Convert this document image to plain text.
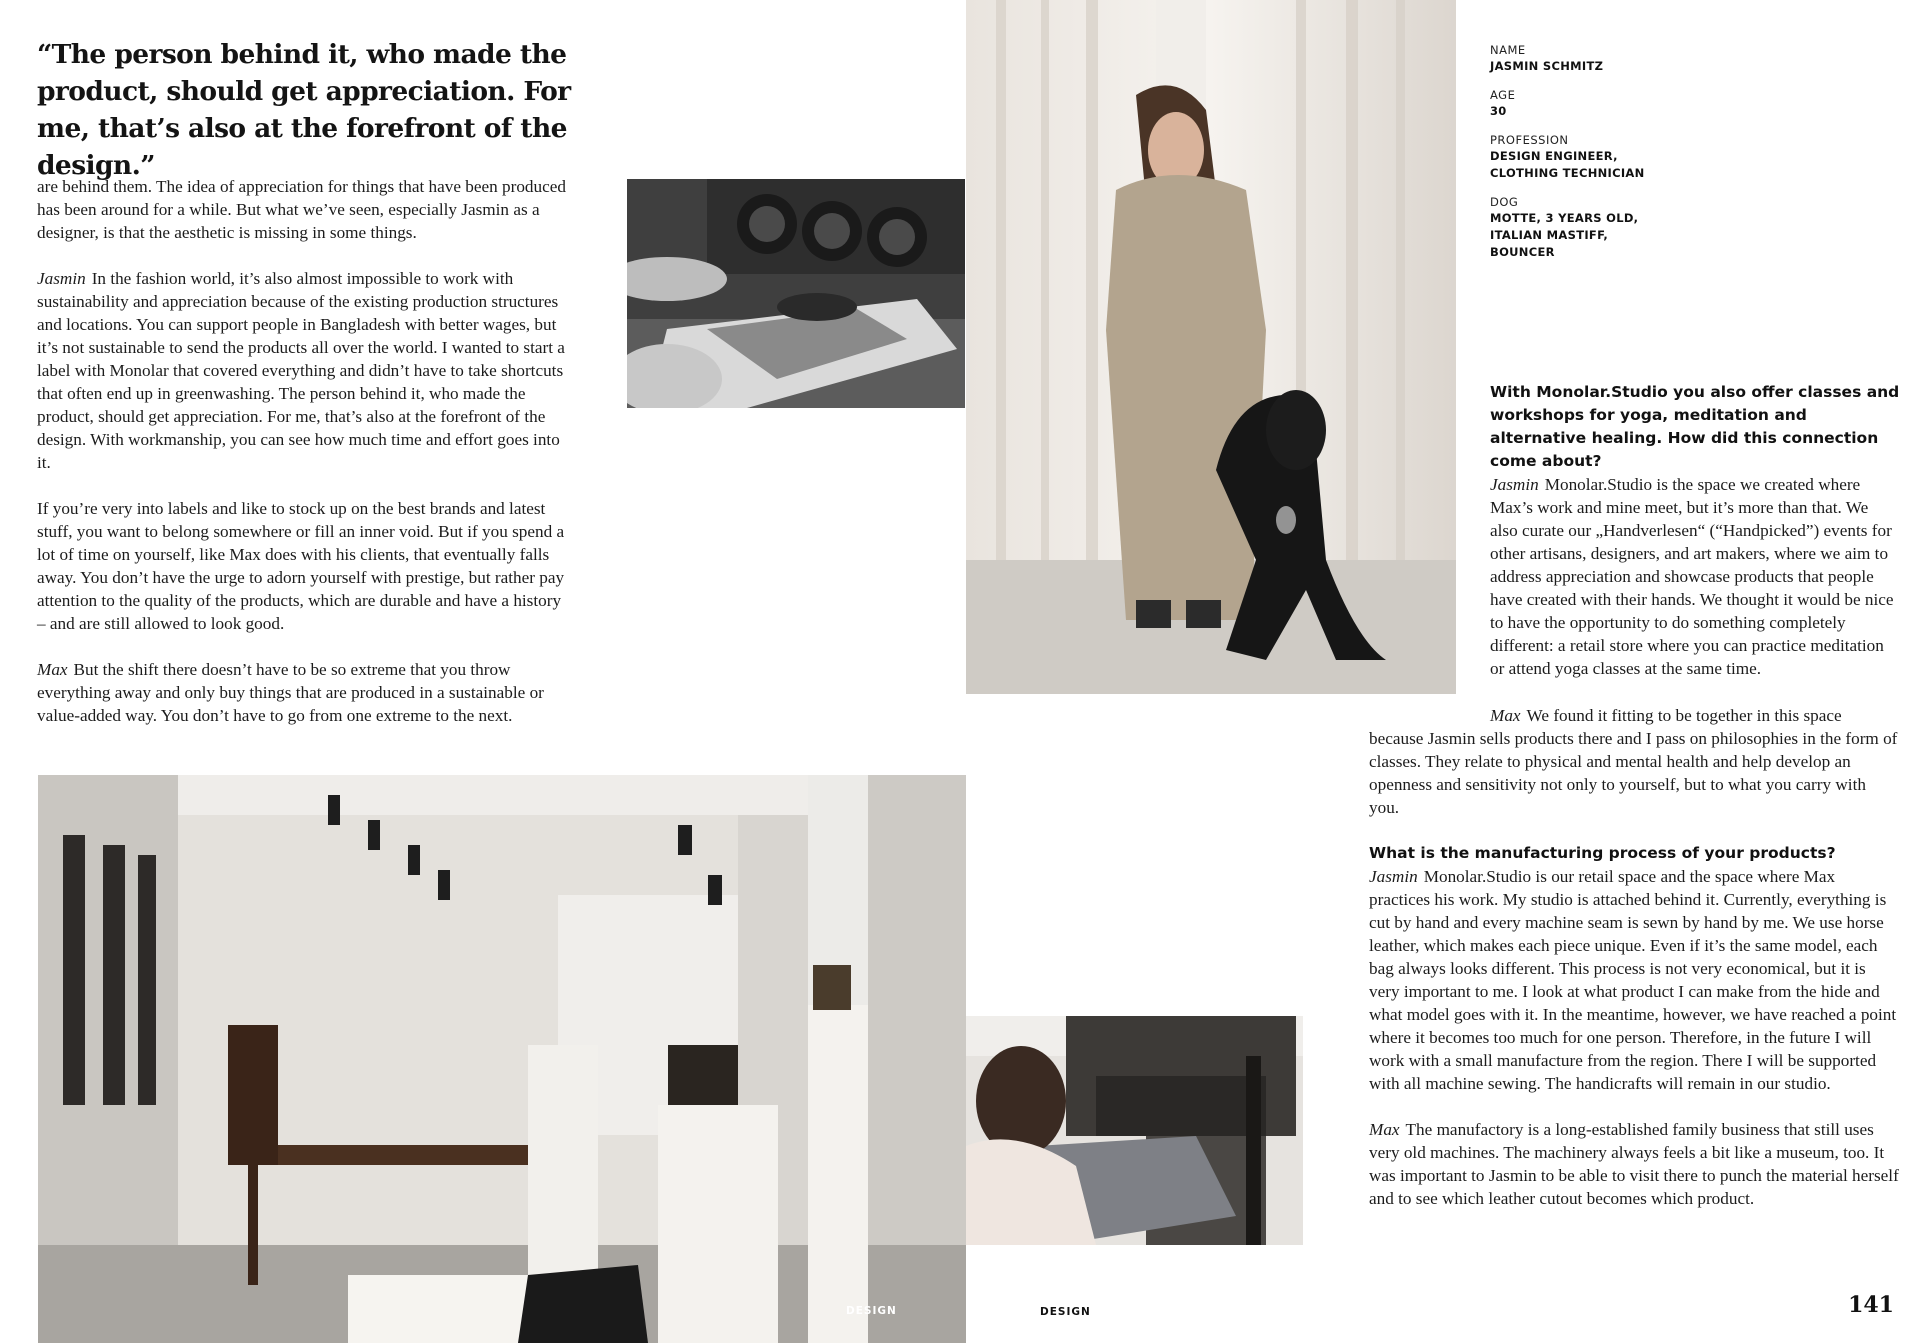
“The person behind it, who made the product, should get appreciation. For me, that’s also at the forefront of the design.”

are behind them. The idea of appreciation for things that have been produced has been around for a while. But what we’ve seen, especially Jasmin as a designer, is that the aesthetic is missing in some things.

Jasmin In the fashion world, it’s also almost impossible to work with sustainability and appreciation because of the existing production structures and locations. You can support people in Bangladesh with better wages, but it’s not sustainable to send the products all over the world. I wanted to start a label with Monolar that covered everything and didn’t have to take shortcuts that often end up in greenwashing. The person behind it, who made the product, should get appreciation. For me, that’s also at the forefront of the design. With workmanship, you can see how much time and effort goes into it.

If you’re very into labels and like to stock up on the best brands and latest stuff, you want to belong somewhere or fill an inner void. But if you spend a lot of time on yourself, like Max does with his clients, that eventually falls away. You don’t have the urge to adorn yourself with prestige, but rather pay attention to the quality of the products, which are durable and have a history – and are still allowed to look good.

Max But the shift there doesn’t have to be so extreme that you throw everything away and only buy things that are produced in a sustainable or value-added way. You don’t have to go from one extreme to the next.

NAME
JASMIN SCHMITZ
AGE
30
PROFESSION
DESIGN ENGINEER,
CLOTHING TECHNICIAN
DOG
MOTTE, 3 YEARS OLD,
ITALIAN MASTIFF,
BOUNCER
With Monolar.Studio you also offer classes and workshops for yoga, meditation and alternative healing. How did this connection come about?
Jasmin Monolar.Studio is the space we created where Max’s work and mine meet, but it’s more than that. We also curate our „Handverlesen“ (“Handpicked”) events for other artisans, designers, and art makers, where we aim to address appreciation and showcase products that people have created with their hands. We thought it would be nice to have the opportunity to do something completely different: a retail store where you can practice meditation or attend yoga classes at the same time.

Max We found it fitting to be together in this space because Jasmin sells products there and I pass on philosophies in the form of classes. They relate to physical and mental health and help develop an openness and sensitivity not only to yourself, but to what you carry with you.

What is the manufacturing process of your products?

Jasmin Monolar.Studio is our retail space and the space where Max practices his work. My studio is attached behind it. Currently, everything is cut by hand and every machine seam is sewn by hand by me. We use horse leather, which makes each piece unique. Even if it’s the same model, each bag always looks different. This process is not very economical, but it is very important to me. I look at what product I can make from the hide and what model goes with it. In the meantime, however, we have reached a point where it becomes too much for one person. Therefore, in the future I will work with a small manufacture from the region. There I will be supported with all machine sewing. The handicrafts will remain in our studio.

Max The manufactory is a long-established family business that still uses very old machines. The machinery always feels a bit like a museum, too. It was important to Jasmin to be able to visit there to punch the material herself and to see which leather cutout becomes which product.

DESIGN	DESIGN	141
